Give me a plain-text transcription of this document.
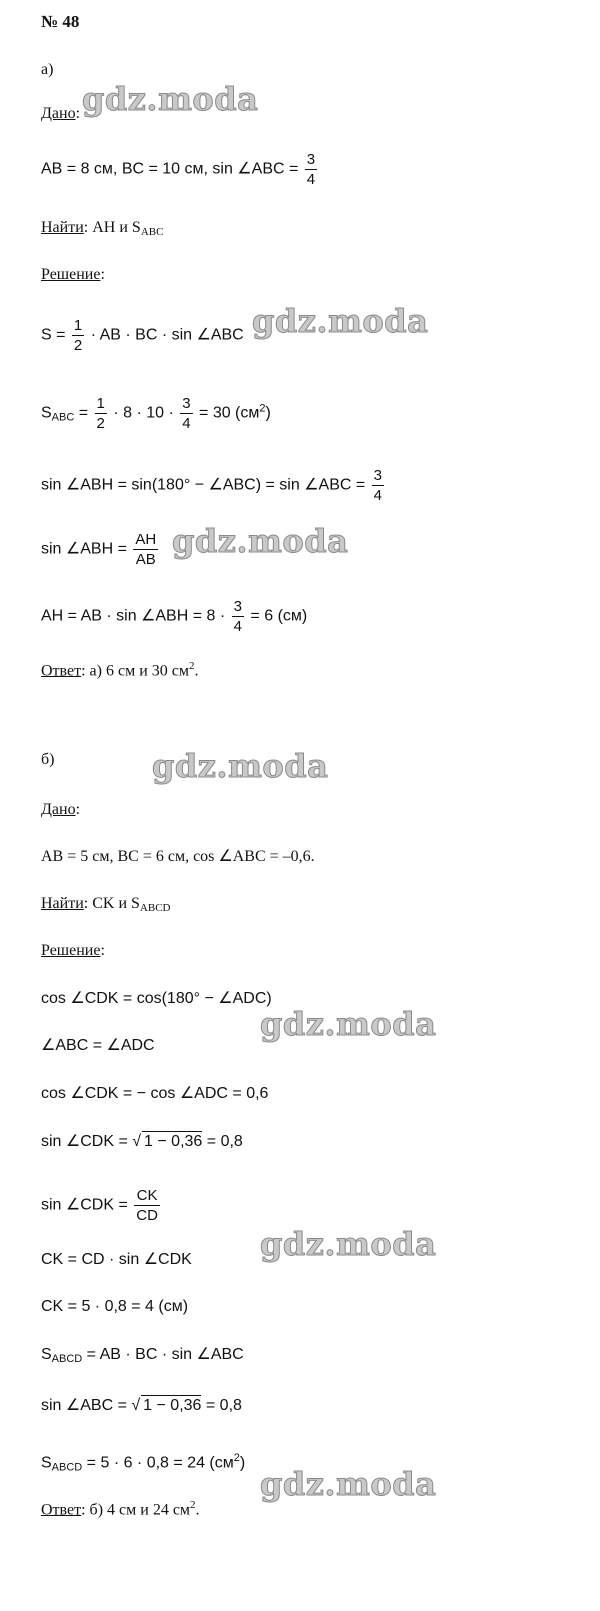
№ 48
а)
Дано:
AB = 8 см, BC = 10 см, sin ∠ABC = $\frac{3}{4}$
Найти: AH и $S_{ABC}$
Решение:
$S = \frac{1}{2}$ · AB · BC · sin ∠ABC
$S_{ABC} = \frac{1}{2} \cdot 8 \cdot 10 \cdot \frac{3}{4} = 30$ $(см^2)$
sin ∠ABH = sin(180° − ∠ABC) = sin ∠ABC = $\frac{3}{4}$
sin ∠ABH = $\frac{AH}{AB}$
AH = AB · sin ∠ABH = $8 \cdot \frac{3}{4} = 6$ (см)
Ответ: а) 6 см и 30 $см^2$.
б)
Дано:
AB = 5 см, BC = 6 см, cos ∠ABC = –0,6.
Найти: CK и $S_{ABCD}$
Решение:
cos ∠CDK = cos(180° − ∠ADC)
∠ABC = ∠ADC
cos ∠CDK = − cos ∠ADC = 0,6
sin ∠CDK = √ 1 − 0,36 = 0,8
sin ∠CDK = $\frac{CK}{CD}$
CK = CD · sin ∠CDK
CK = 5 · 0,8 = 4 (см)
$S_{ABCD}$ = AB · BC · sin ∠ABC
sin ∠ABC = √ 1 − 0,36 = 0,8
$S_{ABCD} = 5 \cdot 6 \cdot 0,8 = 24$ $(см^2)$
Ответ: б) 4 см и 24 $см^2$.
gdz.moda
gdz.moda
gdz.moda
gdz.moda
gdz.moda
gdz.moda
gdz.moda
